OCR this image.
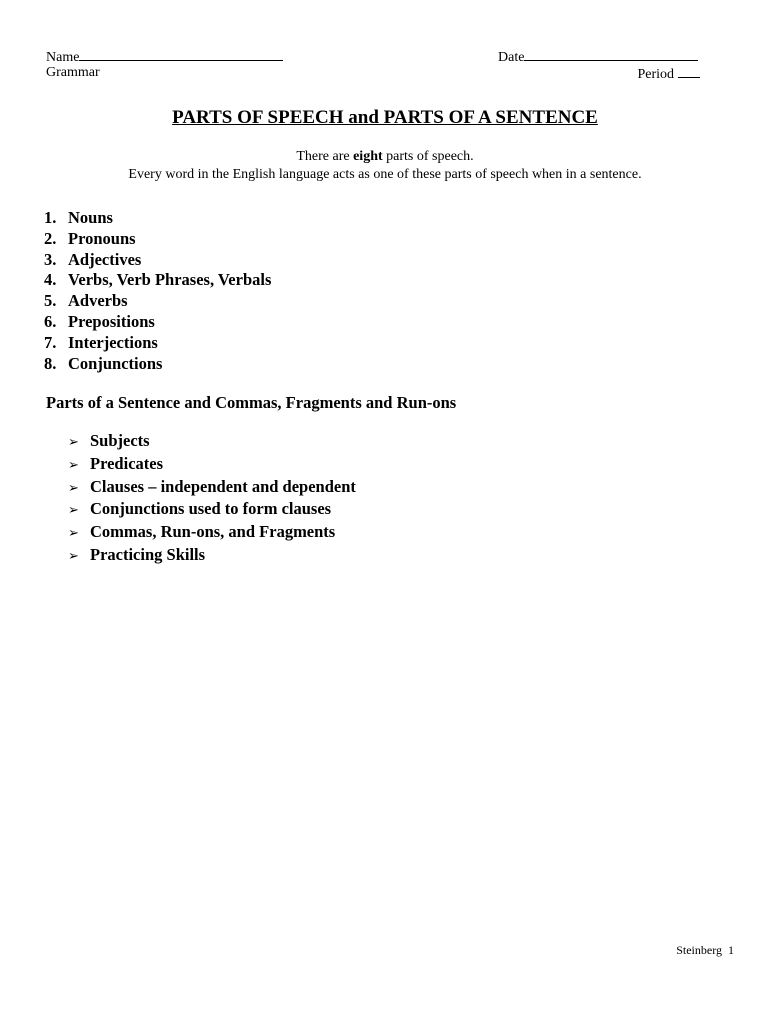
Name	Date
Grammar	Period
PARTS OF SPEECH and PARTS OF A SENTENCE
There are eight parts of speech.
Every word in the English language acts as one of these parts of speech when in a sentence.
1. Nouns
2. Pronouns
3. Adjectives
4. Verbs, Verb Phrases, Verbals
5. Adverbs
6. Prepositions
7. Interjections
8. Conjunctions
Parts of a Sentence and Commas, Fragments and Run-ons
➢ Subjects
➢ Predicates
➢ Clauses – independent and dependent
➢ Conjunctions used to form clauses
➢ Commas, Run-ons, and Fragments
➢ Practicing Skills
Steinberg 1
